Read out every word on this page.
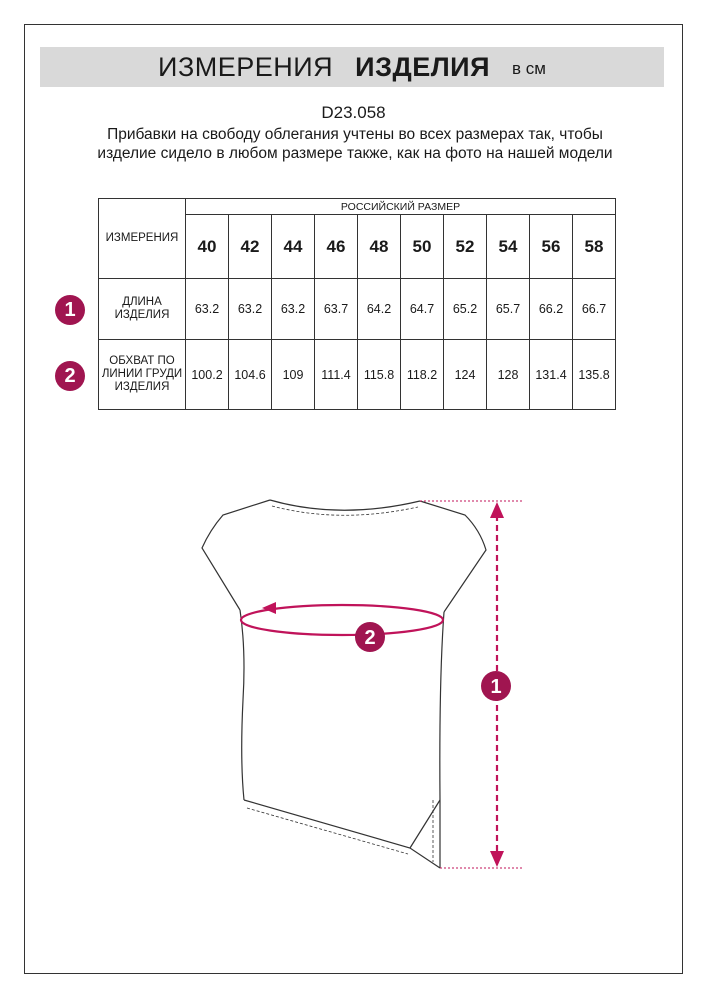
ИЗМЕРЕНИЯ ИЗДЕЛИЯ в см
D23.058
Прибавки на свободу облегания учтены во всех размерах так, чтобы изделие сидело в любом размере также, как на фото на нашей модели
1
2
ИЗМЕРЕНИЯ	РОССИЙСКИЙ РАЗМЕР									
	40	42	44	46	48	50	52	54	56	58
ДЛИНА ИЗДЕЛИЯ	63.2	63.2	63.2	63.7	64.2	64.7	65.2	65.7	66.2	66.7
ОБХВАТ ПО ЛИНИИ ГРУДИ ИЗДЕЛИЯ	100.2	104.6	109	111.4	115.8	118.2	124	128	131.4	135.8
2
1
